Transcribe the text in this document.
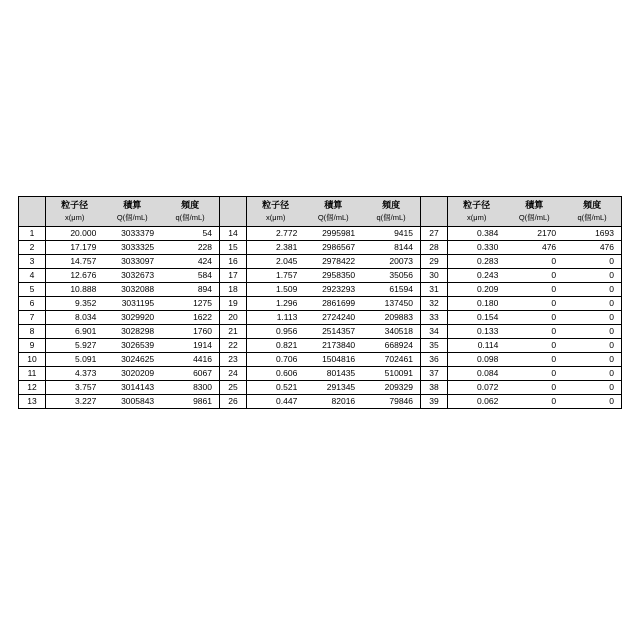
	粒子径	積算	頻度
	x(μm)	Q(個/mL)	q(個/mL)
1	20.000	3033379	54
2	17.179	3033325	228
3	14.757	3033097	424
4	12.676	3032673	584
5	10.888	3032088	894
6	9.352	3031195	1275
7	8.034	3029920	1622
8	6.901	3028298	1760
9	5.927	3026539	1914
10	5.091	3024625	4416
11	4.373	3020209	6067
12	3.757	3014143	8300
13	3.227	3005843	9861
	粒子径	積算	頻度
	x(μm)	Q(個/mL)	q(個/mL)
14	2.772	2995981	9415
15	2.381	2986567	8144
16	2.045	2978422	20073
17	1.757	2958350	35056
18	1.509	2923293	61594
19	1.296	2861699	137450
20	1.113	2724240	209883
21	0.956	2514357	340518
22	0.821	2173840	668924
23	0.706	1504816	702461
24	0.606	801435	510091
25	0.521	291345	209329
26	0.447	82016	79846
	粒子径	積算	頻度
	x(μm)	Q(個/mL)	q(個/mL)
27	0.384	2170	1693
28	0.330	476	476
29	0.283	0	0
30	0.243	0	0
31	0.209	0	0
32	0.180	0	0
33	0.154	0	0
34	0.133	0	0
35	0.114	0	0
36	0.098	0	0
37	0.084	0	0
38	0.072	0	0
39	0.062	0	0
